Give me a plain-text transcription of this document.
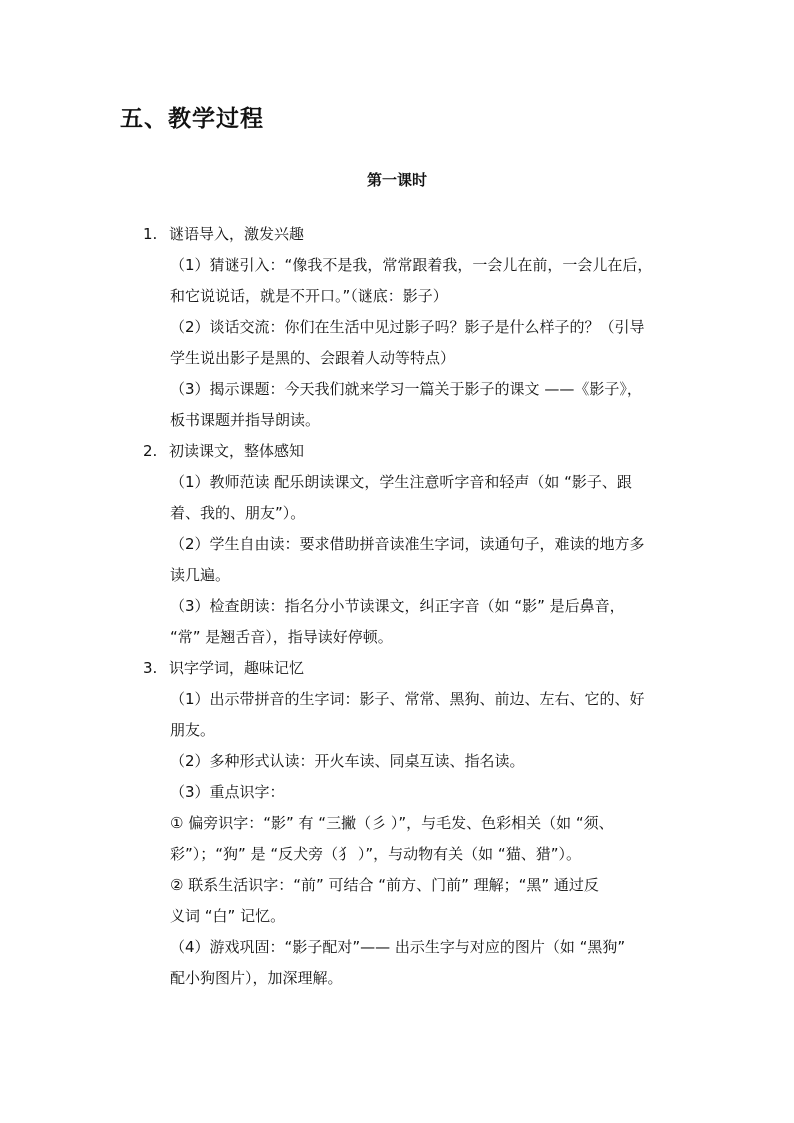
五、教学过程
第一课时
1. 谜语导入，激发兴趣
（1）猜谜引入：“像我不是我，常常跟着我，一会儿在前，一会儿在后，
和它说说话，就是不开口。”（谜底：影子）
（2）谈话交流：你们在生活中见过影子吗？影子是什么样子的？（引导
学生说出影子是黑的、会跟着人动等特点）
（3）揭示课题：今天我们就来学习一篇关于影子的课文 ——《影子》，
板书课题并指导朗读。
2. 初读课文，整体感知
（1）教师范读 配乐朗读课文，学生注意听字音和轻声（如 “影子、跟
着、我的、朋友”）。
（2）学生自由读：要求借助拼音读准生字词，读通句子，难读的地方多
读几遍。
（3）检查朗读：指名分小节读课文，纠正字音（如 “影” 是后鼻音，
“常” 是翘舌音），指导读好停顿。
3. 识字学词，趣味记忆
（1）出示带拼音的生字词：影子、常常、黑狗、前边、左右、它的、好
朋友。
（2）多种形式认读：开火车读、同桌互读、指名读。
（3）重点识字：
① 偏旁识字：“影” 有 “三撇（彡 ）”，与毛发、色彩相关（如 “须、
彩”）；“狗” 是 “反犬旁（犭 ）”，与动物有关（如 “猫、猎”）。
② 联系生活识字：“前” 可结合 “前方、门前” 理解；“黑” 通过反
义词 “白” 记忆。
（4）游戏巩固：“影子配对”—— 出示生字与对应的图片（如 “黑狗”
配小狗图片），加深理解。
